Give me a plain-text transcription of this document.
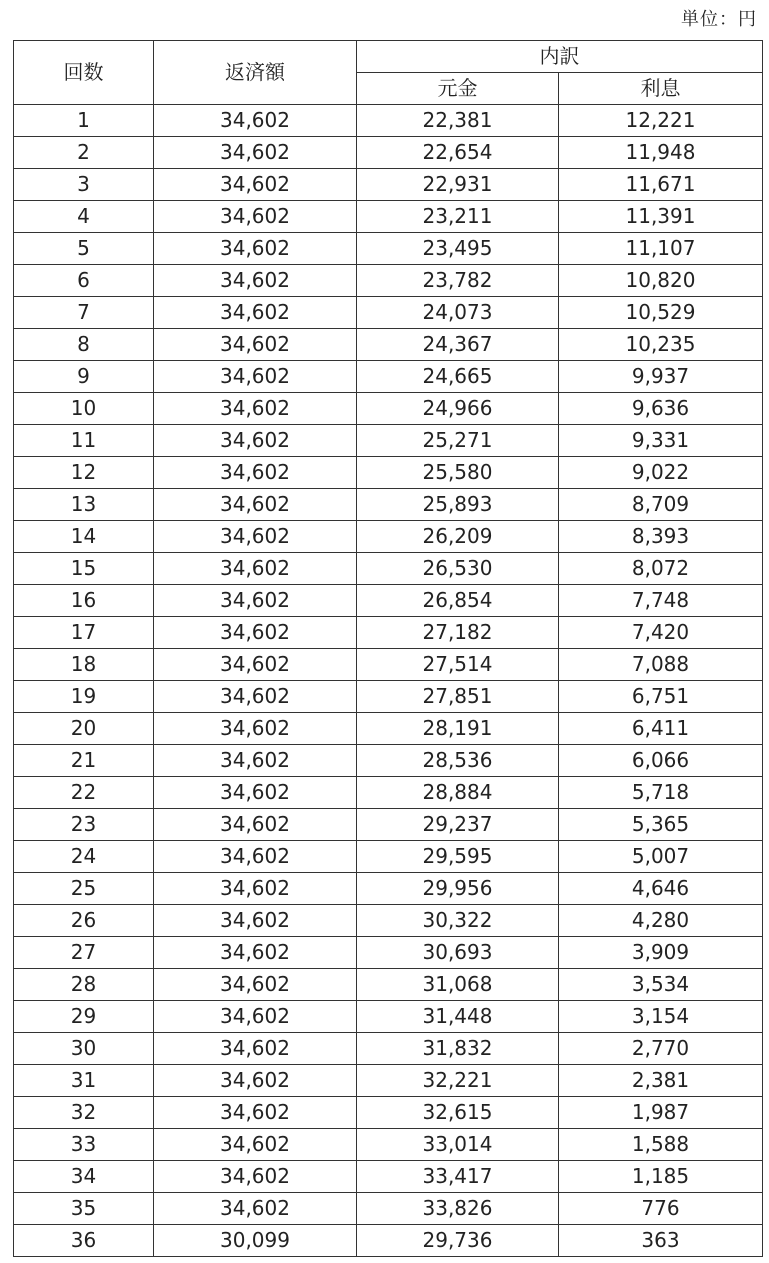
単位：円
回数	返済額	内訳	
		元金	利息
1	34,602	22,381	12,221
2	34,602	22,654	11,948
3	34,602	22,931	11,671
4	34,602	23,211	11,391
5	34,602	23,495	11,107
6	34,602	23,782	10,820
7	34,602	24,073	10,529
8	34,602	24,367	10,235
9	34,602	24,665	9,937
10	34,602	24,966	9,636
11	34,602	25,271	9,331
12	34,602	25,580	9,022
13	34,602	25,893	8,709
14	34,602	26,209	8,393
15	34,602	26,530	8,072
16	34,602	26,854	7,748
17	34,602	27,182	7,420
18	34,602	27,514	7,088
19	34,602	27,851	6,751
20	34,602	28,191	6,411
21	34,602	28,536	6,066
22	34,602	28,884	5,718
23	34,602	29,237	5,365
24	34,602	29,595	5,007
25	34,602	29,956	4,646
26	34,602	30,322	4,280
27	34,602	30,693	3,909
28	34,602	31,068	3,534
29	34,602	31,448	3,154
30	34,602	31,832	2,770
31	34,602	32,221	2,381
32	34,602	32,615	1,987
33	34,602	33,014	1,588
34	34,602	33,417	1,185
35	34,602	33,826	776
36	30,099	29,736	363
